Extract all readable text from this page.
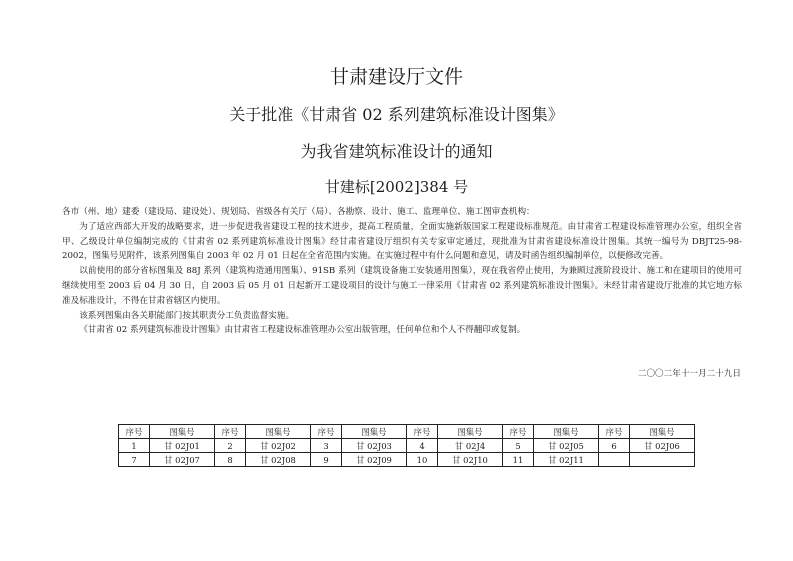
甘肃建设厅文件
关于批准《甘肃省 02 系列建筑标准设计图集》
为我省建筑标准设计的通知
甘建标[2002]384 号

各市（州、地）建委（建设局、建设处）、规划局、省级各有关厅（局）、各勘察、设计、施工、监理单位、施工图审查机构：

为了适应西部大开发的战略要求，进一步促进我省建设工程的技术进步，提高工程质量，全面实施新版国家工程建设标准规范。由甘肃省工程建设标准管理办公室，组织全省甲、乙级设计单位编制完成的《甘肃省 02 系列建筑标准设计图集》经甘肃省建设厅组织有关专家审定通过，现批准为甘肃省建设标准设计图集。其统一编号为 DBJT25-98-2002，图集号见附件，该系列图集自 2003 年 02 月 01 日起在全省范围内实施。在实施过程中有什么问题和意见，请及时函告组织编制单位，以便修改完善。

以前使用的部分省标图集及 88J 系列（建筑构造通用图集）、91SB 系列（建筑设备施工安装通用图集），现在我省停止使用，为兼顾过渡阶段设计、施工和在建项目的使用可继续使用至 2003 后 04 月 30 日，自 2003 后 05 月 01 日起新开工建设项目的设计与施工一律采用《甘肃省 02 系列建筑标准设计图集》。未经甘肃省建设厅批准的其它地方标准及标准设计，不得在甘肃省辖区内使用。

该系列图集由各关职能部门按其职责分工负责监督实施。

《甘肃省 02 系列建筑标准设计图集》由甘肃省工程建设标准管理办公室出版管理，任何单位和个人不得翻印或复制。

二〇〇二年十一月二十九日
序号	图集号	序号	图集号	序号	图集号	序号	图集号	序号	图集号	序号	图集号
1	甘 02J01	2	甘 02J02	3	甘 02J03	4	甘 02J4	5	甘 02J05	6	甘 02J06
7	甘 02J07	8	甘 02J08	9	甘 02J09	10	甘 02J10	11	甘 02J11		
